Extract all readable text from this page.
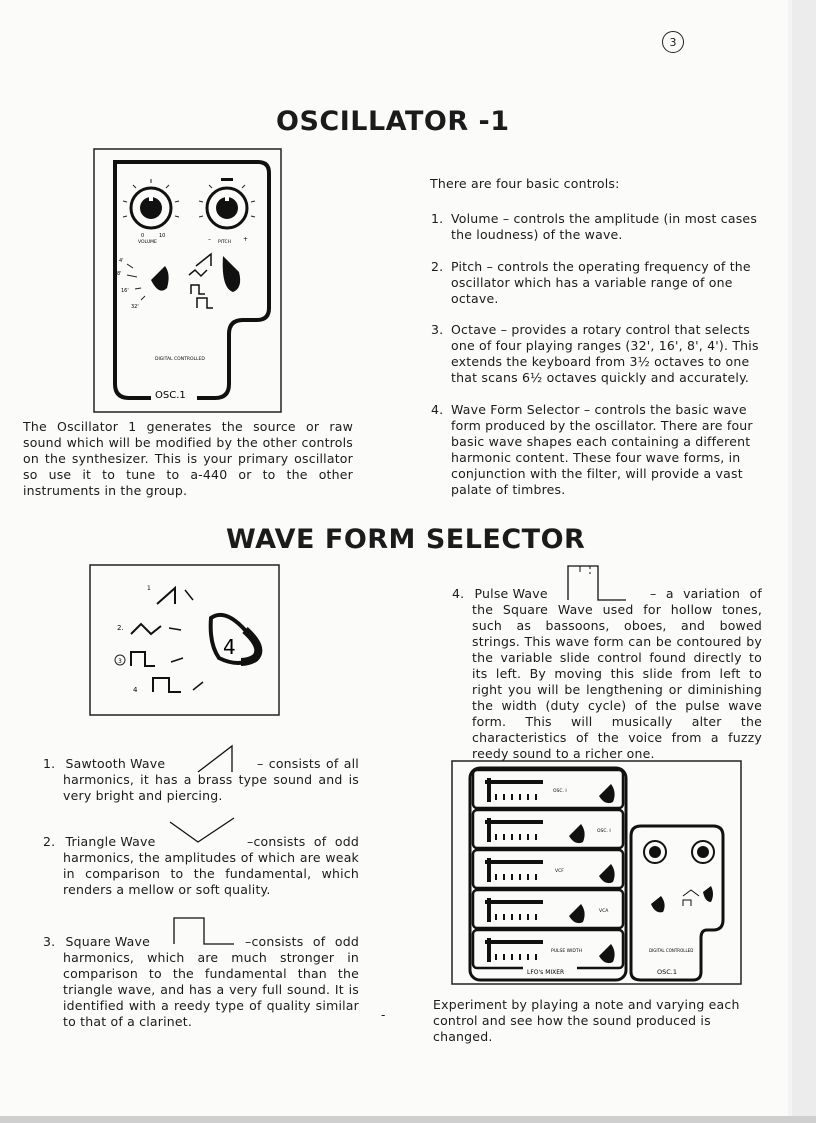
3
OSCILLATOR -1
0	10
VOLUME	–	+
PITCH
4'
8'
16'
32'
DIGITAL CONTROLLED
OSC.1
The Oscillator 1 generates the source or raw sound which will be modified by the other controls on the synthesizer. This is your primary oscillator so use it to tune to a-440 or to the other instruments in the group.
There are four basic controls:
1. Volume – controls the amplitude (in most cases the loudness) of the wave.
2. Pitch – controls the operating frequency of the oscillator which has a variable range of one octave.
3. Octave – provides a rotary control that selects one of four playing ranges (32', 16', 8', 4'). This extends the keyboard from 3½ octaves to one that scans 6½ octaves quickly and accurately.
4. Wave Form Selector – controls the basic wave form produced by the oscillator. There are four basic wave shapes each containing a different harmonic content. These four wave forms, in conjunction with the filter, will provide a vast palate of timbres.
WAVE FORM SELECTOR
1
2.
3
4
4
1. Sawtooth Wave	– consists of all harmonics, it has a brass type sound and is very bright and piercing.
2. Triangle Wave	–consists of odd harmonics, the amplitudes of which are weak in comparison to the fundamental, which renders a mellow or soft quality.
3. Square Wave	–consists of odd harmonics, which are much stronger in comparison to the fundamental than the triangle wave, and has a very full sound. It is identified with a reedy type of quality similar to that of a clarinet.	-
4. Pulse Wave	– a variation of the Square Wave used for hollow tones, such as bassoons, oboes, and bowed strings. This wave form can be contoured by the variable slide control found directly to its left. By moving this slide from left to right you will be lengthening or diminishing the width (duty cycle) of the pulse wave form. This will musically alter the characteristics of the voice from a fuzzy reedy sound to a richer one.
OSC. I
OSC. I
VCF
VCA
PULSE WIDTH
LFO's MIXER
DIGITAL CONTROLLED
OSC.1
Experiment by playing a note and varying each control and see how the sound produced is changed.
